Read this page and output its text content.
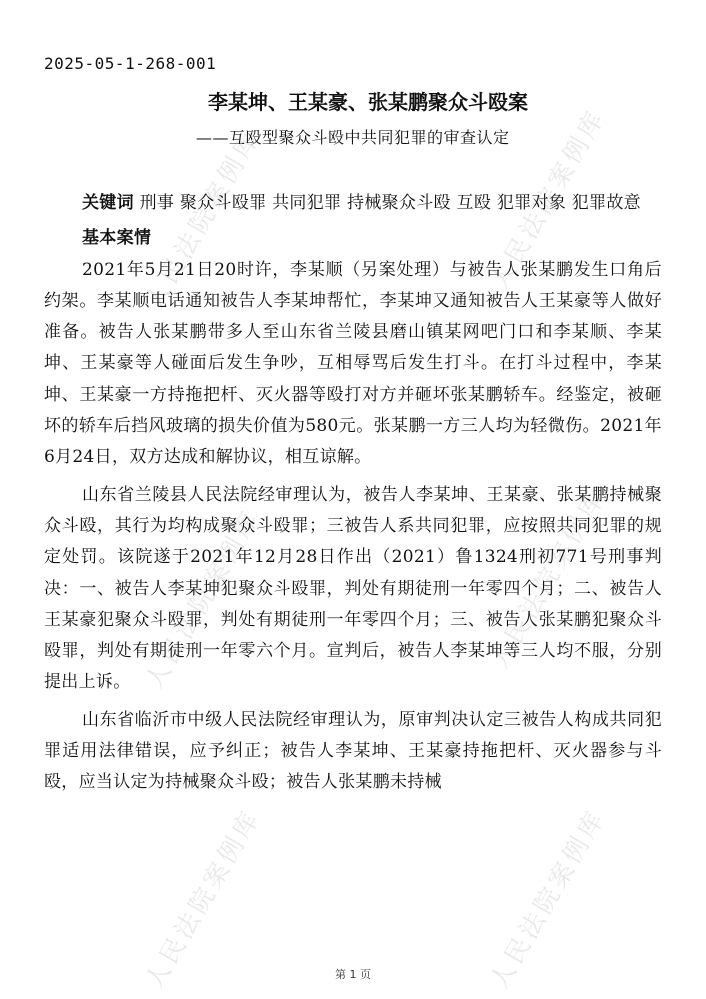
人民法院案例库	人民法院案例库
人民法院案例库	人民法院案例库
人民法院案例库	人民法院案例库
2025-05-1-268-001
李某坤、王某豪、张某鹏聚众斗殴案
——互殴型聚众斗殴中共同犯罪的审查认定

关键词 刑事 聚众斗殴罪 共同犯罪 持械聚众斗殴 互殴 犯罪对象 犯罪故意

基本案情

2021年5月21日20时许，李某顺（另案处理）与被告人张某鹏发生口角后约架。李某顺电话通知被告人李某坤帮忙，李某坤又通知被告人王某豪等人做好准备。被告人张某鹏带多人至山东省兰陵县磨山镇某网吧门口和李某顺、李某坤、王某豪等人碰面后发生争吵，互相辱骂后发生打斗。在打斗过程中，李某坤、王某豪一方持拖把杆、灭火器等殴打对方并砸坏张某鹏轿车。经鉴定，被砸坏的轿车后挡风玻璃的损失价值为580元。张某鹏一方三人均为轻微伤。2021年6月24日，双方达成和解协议，相互谅解。

山东省兰陵县人民法院经审理认为，被告人李某坤、王某豪、张某鹏持械聚众斗殴，其行为均构成聚众斗殴罪；三被告人系共同犯罪，应按照共同犯罪的规定处罚。该院遂于2021年12月28日作出（2021）鲁1324刑初771号刑事判决：一、被告人李某坤犯聚众斗殴罪，判处有期徒刑一年零四个月；二、被告人王某豪犯聚众斗殴罪，判处有期徒刑一年零四个月；三、被告人张某鹏犯聚众斗殴罪，判处有期徒刑一年零六个月。宣判后，被告人李某坤等三人均不服，分别提出上诉。

山东省临沂市中级人民法院经审理认为，原审判决认定三被告人构成共同犯罪适用法律错误，应予纠正；被告人李某坤、王某豪持拖把杆、灭火器参与斗殴，应当认定为持械聚众斗殴；被告人张某鹏未持械

第 1 页
